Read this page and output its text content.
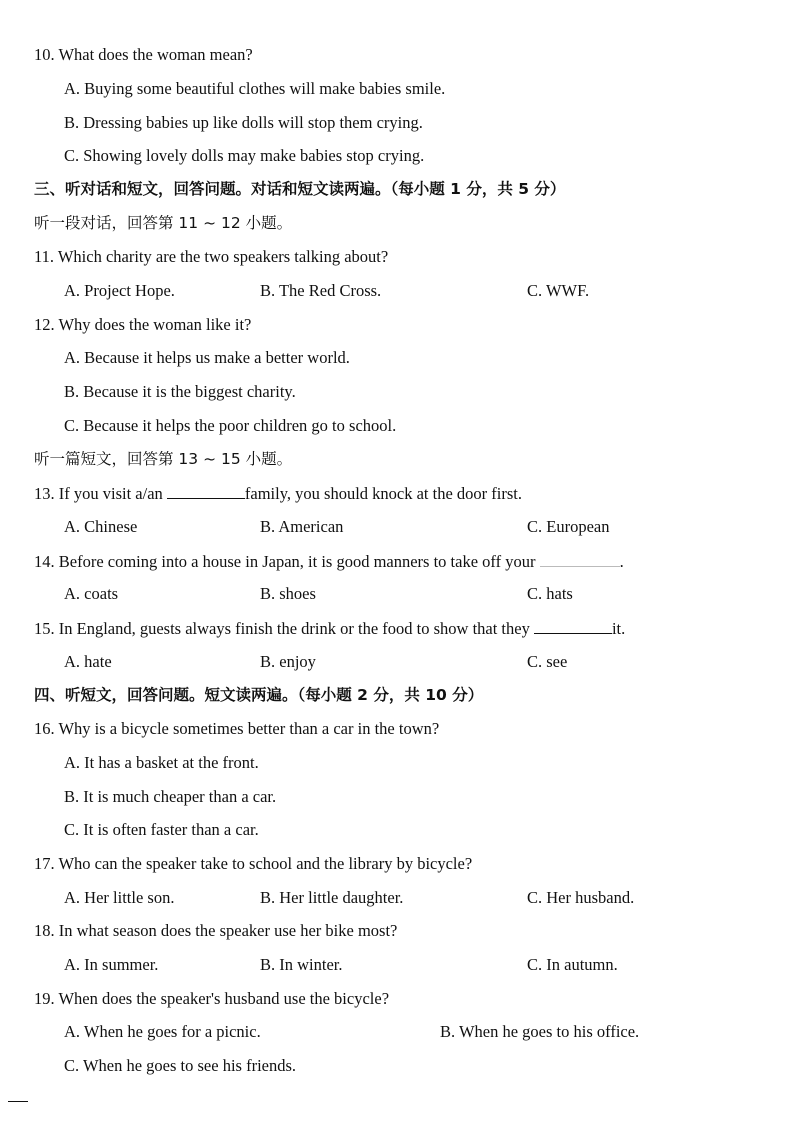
10. What does the woman mean?
A. Buying some beautiful clothes will make babies smile.
B. Dressing babies up like dolls will stop them crying.
C. Showing lovely dolls may make babies stop crying.
三、听对话和短文，回答问题。对话和短文读两遍。（每小题 1 分，共 5 分）
听一段对话，回答第 11 ~ 12 小题。
11. Which charity are the two speakers talking about?
A. Project Hope.	B. The Red Cross.	C. WWF.
12. Why does the woman like it?
A. Because it helps us make a better world.
B. Because it is the biggest charity.
C. Because it helps the poor children go to school.
听一篇短文，回答第 13 ~ 15 小题。
13. If you visit a/an	family, you should knock at the door first.
A. Chinese	B. American	C. European
14. Before coming into a house in Japan, it is good manners to take off your	.
A. coats	B. shoes	C. hats
15. In England, guests always finish the drink or the food to show that they	it.
A. hate	B. enjoy	C. see
四、听短文，回答问题。短文读两遍。（每小题 2 分，共 10 分）
16. Why is a bicycle sometimes better than a car in the town?
A. It has a basket at the front.
B. It is much cheaper than a car.
C. It is often faster than a car.
17. Who can the speaker take to school and the library by bicycle?
A. Her little son.	B. Her little daughter.	C. Her husband.
18. In what season does the speaker use her bike most?
A. In summer.	B. In winter.	C. In autumn.
19. When does the speaker's husband use the bicycle?
A. When he goes for a picnic.	B. When he goes to his office.
C. When he goes to see his friends.
